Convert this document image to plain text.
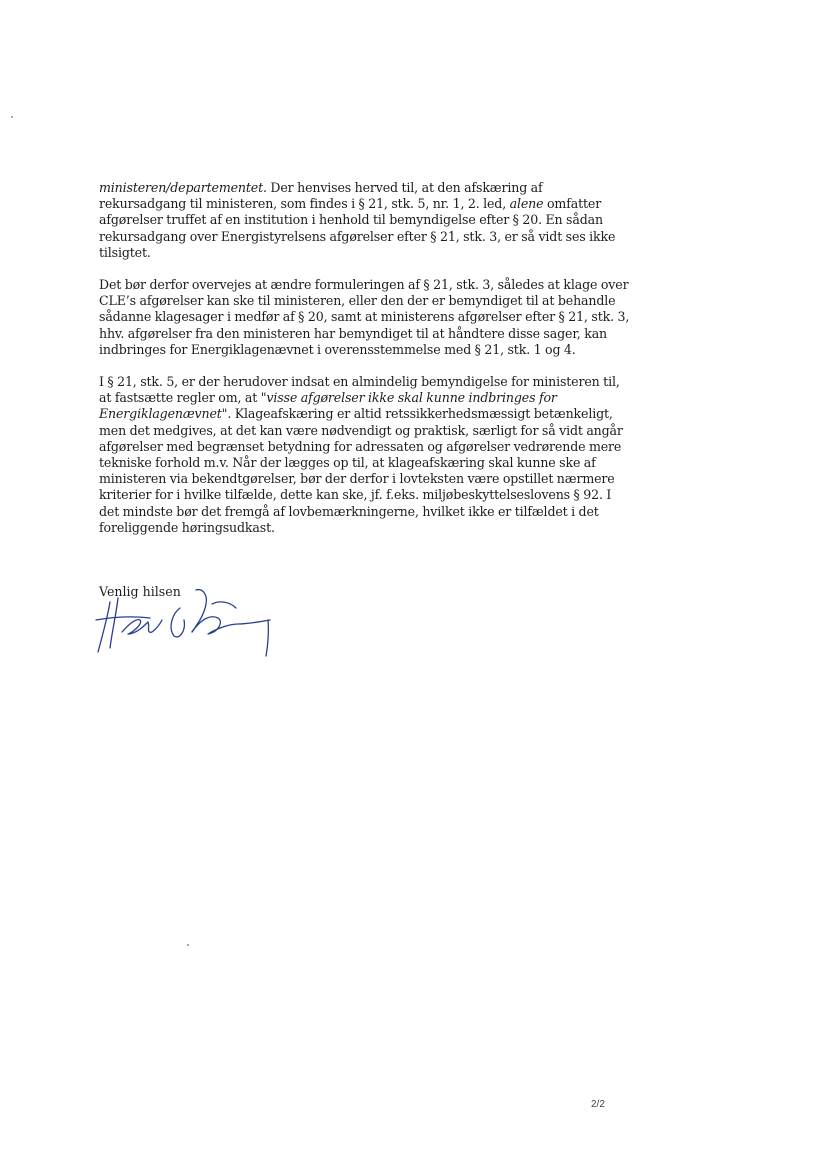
ministeren/departementet. Der henvises herved til, at den afskæring af
rekursadgang til ministeren, som findes i § 21, stk. 5, nr. 1, 2. led, alene omfatter
afgørelser truffet af en institution i henhold til bemyndigelse efter § 20. En sådan
rekursadgang over Energistyrelsens afgørelser efter § 21, stk. 3, er så vidt ses ikke
tilsigtet.
Det bør derfor overvejes at ændre formuleringen af § 21, stk. 3, således at klage over
CLE’s afgørelser kan ske til ministeren, eller den der er bemyndiget til at behandle
sådanne klagesager i medfør af § 20, samt at ministerens afgørelser efter § 21, stk. 3,
hhv. afgørelser fra den ministeren har bemyndiget til at håndtere disse sager, kan
indbringes for Energiklagenævnet i overensstemmelse med § 21, stk. 1 og 4.
I § 21, stk. 5, er der herudover indsat en almindelig bemyndigelse for ministeren til,
at fastsætte regler om, at "visse afgørelser ikke skal kunne indbringes for
Energiklagenævnet". Klageafskæring er altid retssikkerhedsmæssigt betænkeligt,
men det medgives, at det kan være nødvendigt og praktisk, særligt for så vidt angår
afgørelser med begrænset betydning for adressaten og afgørelser vedrørende mere
tekniske forhold m.v. Når der lægges op til, at klageafskæring skal kunne ske af
ministeren via bekendtgørelser, bør der derfor i lovteksten være opstillet nærmere
kriterier for i hvilke tilfælde, dette kan ske, jf. f.eks. miljøbeskyttelseslovens § 92. I
det mindste bør det fremgå af lovbemærkningerne, hvilket ikke er tilfældet i det
foreliggende høringsudkast.
Venlig hilsen
2/2
